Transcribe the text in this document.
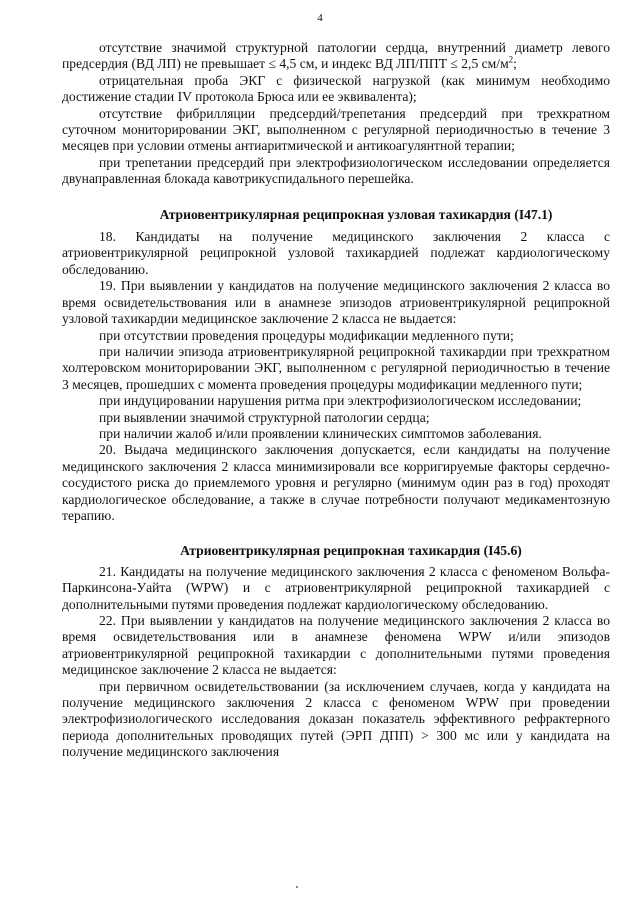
4

отсутствие значимой структурной патологии сердца, внутренний диаметр левого предсердия (ВД ЛП) не превышает ≤ 4,5 см, и индекс ВД ЛП/ППТ ≤ 2,5 $см/м^2$;

отрицательная проба ЭКГ с физической нагрузкой (как минимум необходимо достижение стадии IV протокола Брюса или ее эквивалента);

отсутствие фибрилляции предсердий/трепетания предсердий при трехкратном суточном мониторировании ЭКГ, выполненном с регулярной периодичностью в течение 3 месяцев при условии отмены антиаритмической и антикоагулянтной терапии;

при трепетании предсердий при электрофизиологическом исследовании определяется двунаправленная блокада кавотрикуспидального перешейка.

Атриовентрикулярная реципрокная узловая тахикардия (I47.1)

18. Кандидаты на получение медицинского заключения 2 класса с атриовентрикулярной реципрокной узловой тахикардией подлежат кардиологическому обследованию.

19. При выявлении у кандидатов на получение медицинского заключения 2 класса во время освидетельствования или в анамнезе эпизодов атриовентрикулярной реципрокной узловой тахикардии медицинское заключение 2 класса не выдается:

при отсутствии проведения процедуры модификации медленного пути;

при наличии эпизода атриовентрикулярной реципрокной тахикардии при трехкратном холтеровском мониторировании ЭКГ, выполненном с регулярной периодичностью в течение 3 месяцев, прошедших с момента проведения процедуры модификации медленного пути;

при индуцировании нарушения ритма при электрофизиологическом исследовании;

при выявлении значимой структурной патологии сердца;

при наличии жалоб и/или проявлении клинических симптомов заболевания.

20. Выдача медицинского заключения допускается, если кандидаты на получение медицинского заключения 2 класса минимизировали все корригируемые факторы сердечно-сосудистого риска до приемлемого уровня и регулярно (минимум один раз в год) проходят кардиологическое обследование, а также в случае потребности получают медикаментозную терапию.

Атриовентрикулярная реципрокная тахикардия (I45.6)

21. Кандидаты на получение медицинского заключения 2 класса с феноменом Вольфа-Паркинсона-Уайта (WPW) и с атриовентрикулярной реципрокной тахикардией с дополнительными путями проведения подлежат кардиологическому обследованию.

22. При выявлении у кандидатов на получение медицинского заключения 2 класса во время освидетельствования или в анамнезе феномена WPW и/или эпизодов атриовентрикулярной реципрокной тахикардии с дополнительными путями проведения медицинское заключение 2 класса не выдается:

при первичном освидетельствовании (за исключением случаев, когда у кандидата на получение медицинского заключения 2 класса с феноменом WPW при проведении электрофизиологического исследования доказан показатель эффективного рефрактерного периода дополнительных проводящих путей (ЭРП ДПП) > 300 мс или у кандидата на получение медицинского заключения
